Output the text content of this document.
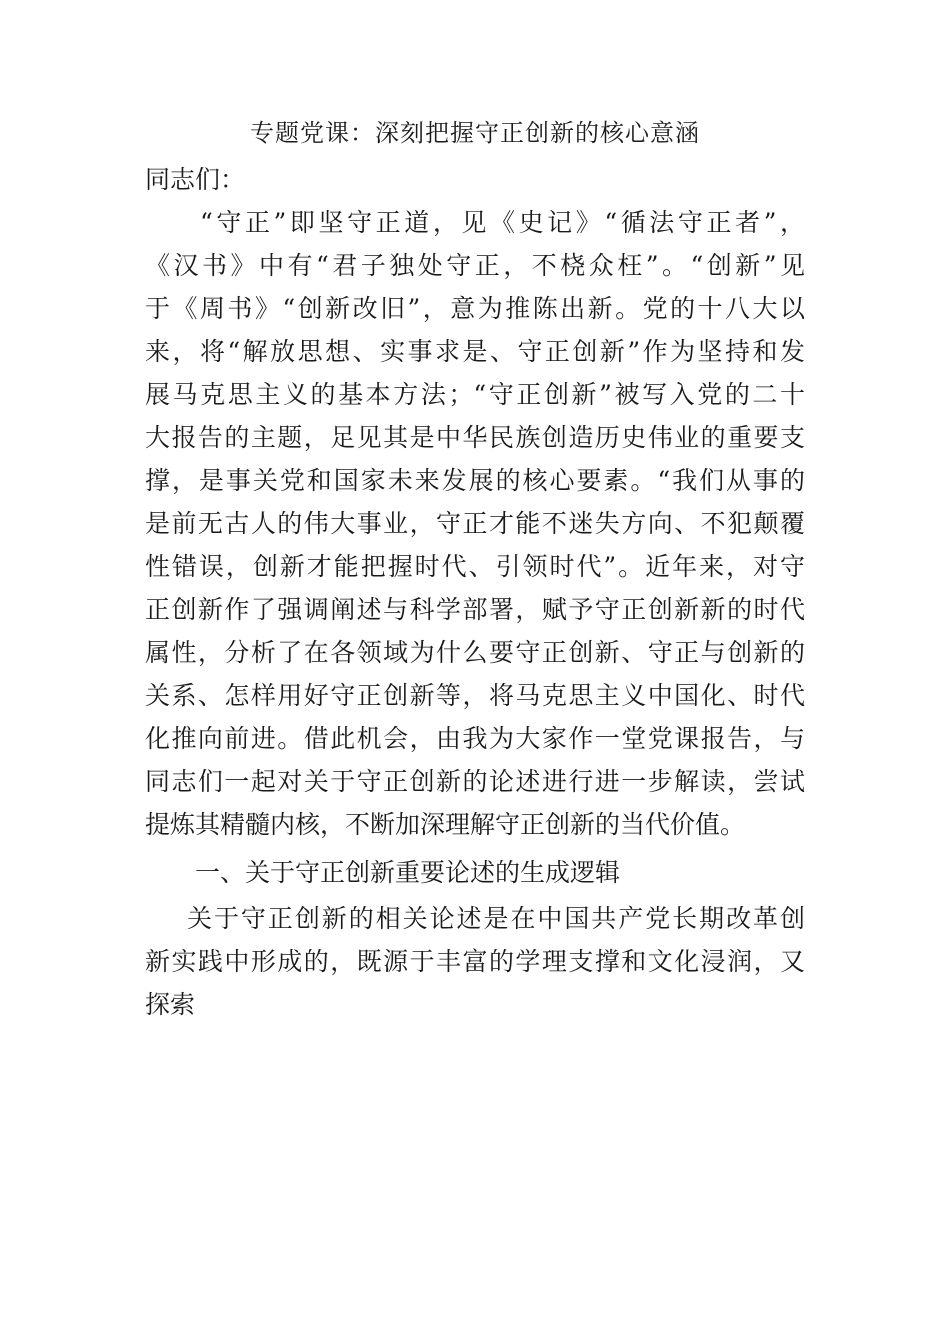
专题党课：深刻把握守正创新的核心意涵
同志们：
“守正”即坚守正道，见《史记》“循法守正者”，
《汉书》中有“君子独处守正，不桡众枉”。“创新”见
于《周书》“创新改旧”，意为推陈出新。党的十八大以
来，将“解放思想、实事求是、守正创新”作为坚持和发
展马克思主义的基本方法；“守正创新”被写入党的二十
大报告的主题，足见其是中华民族创造历史伟业的重要支
撑，是事关党和国家未来发展的核心要素。“我们从事的
是前无古人的伟大事业，守正才能不迷失方向、不犯颠覆
性错误，创新才能把握时代、引领时代”。近年来，对守
正创新作了强调阐述与科学部署，赋予守正创新新的时代
属性，分析了在各领域为什么要守正创新、守正与创新的
关系、怎样用好守正创新等，将马克思主义中国化、时代
化推向前进。借此机会，由我为大家作一堂党课报告，与
同志们一起对关于守正创新的论述进行进一步解读，尝试
提炼其精髓内核，不断加深理解守正创新的当代价值。
一、关于守正创新重要论述的生成逻辑
关于守正创新的相关论述是在中国共产党长期改革创
新实践中形成的，既源于丰富的学理支撑和文化浸润，又
探索
